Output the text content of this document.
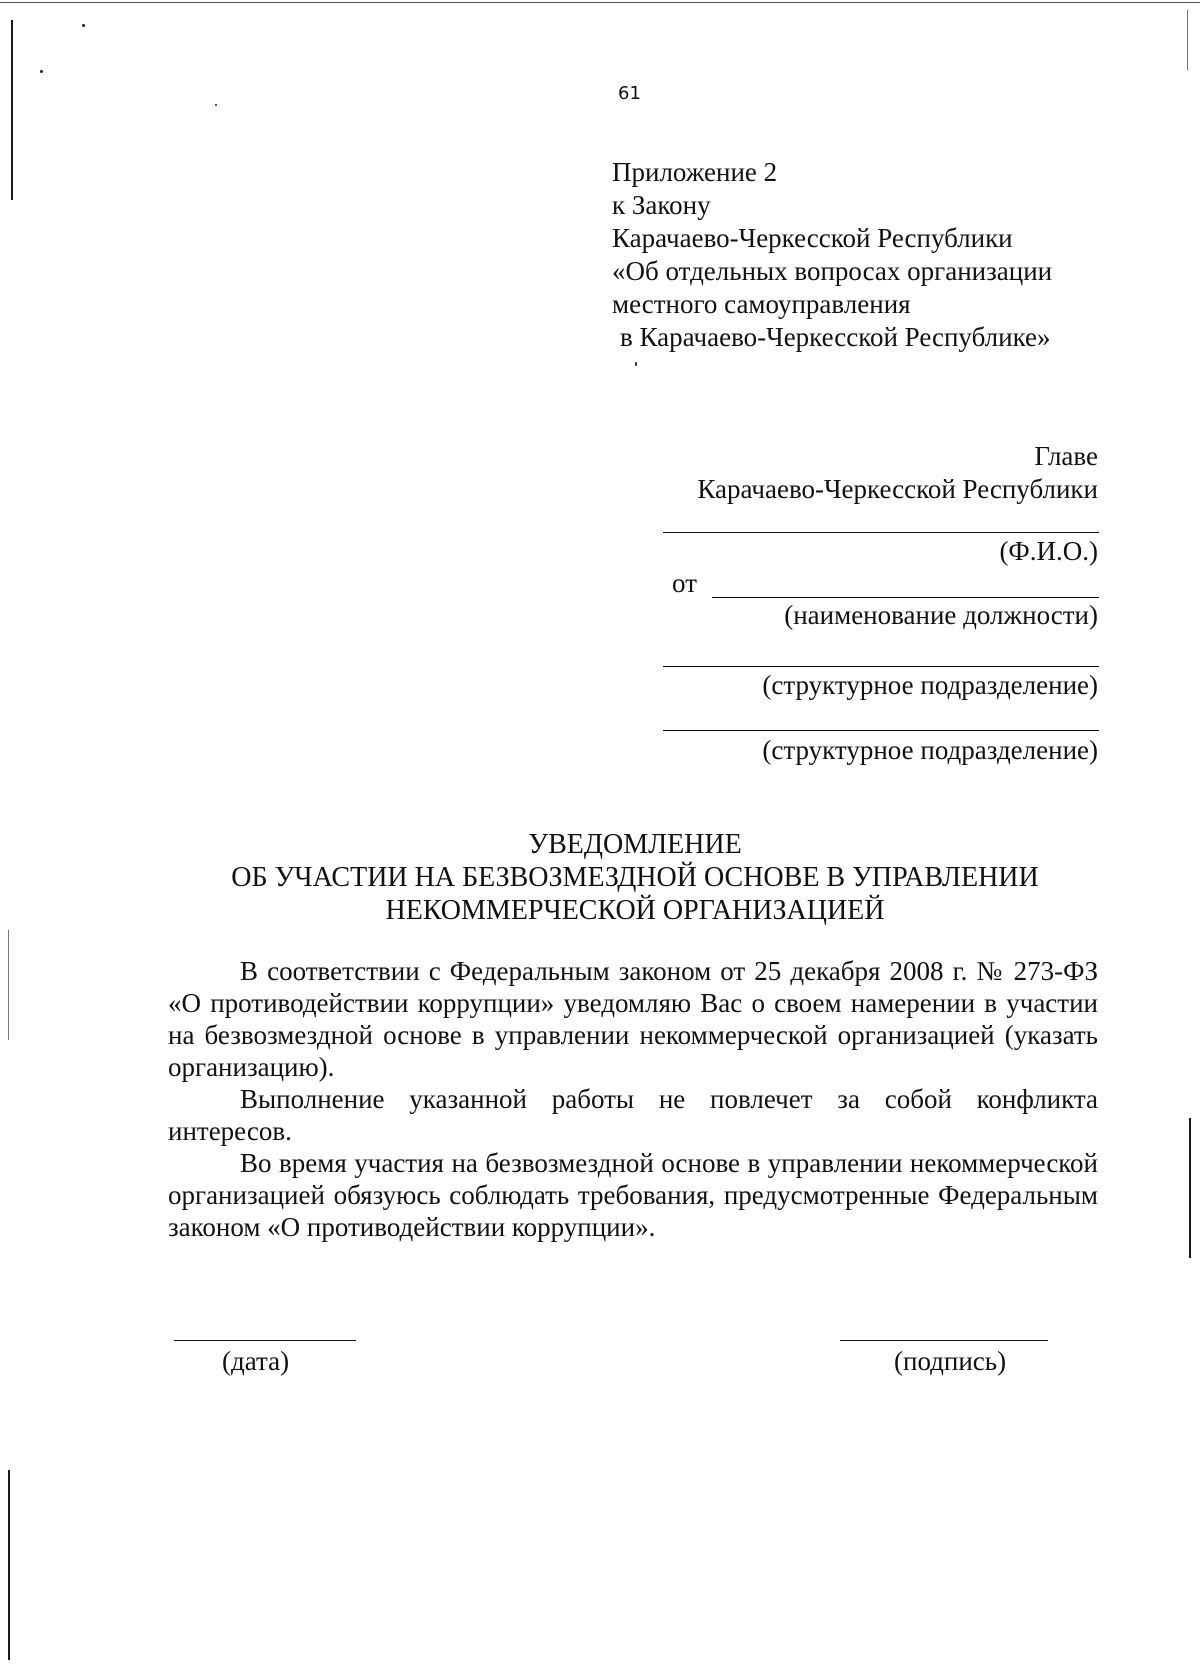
61
Приложение 2
к Закону
Карачаево-Черкесской Республики
«Об отдельных вопросах организации
местного самоуправления
в Карачаево-Черкесской Республике»
Главе
Карачаево-Черкесской Республики
(Ф.И.О.)
от
(наименование должности)
(структурное подразделение)
(структурное подразделение)
УВЕДОМЛЕНИЕ
ОБ УЧАСТИИ НА БЕЗВОЗМЕЗДНОЙ ОСНОВЕ В УПРАВЛЕНИИ
НЕКОММЕРЧЕСКОЙ ОРГАНИЗАЦИЕЙ

В соответствии с Федеральным законом от 25 декабря 2008 г. № 273-ФЗ «О противодействии коррупции» уведомляю Вас о своем намерении в участии на безвозмездной основе в управлении некоммерческой организацией (указать организацию).

Выполнение указанной работы не повлечет за собой конфликта интересов.

Во время участия на безвозмездной основе в управлении некоммерческой организацией обязуюсь соблюдать требования, предусмотренные Федеральным законом «О противодействии коррупции».

(дата)	(подпись)
